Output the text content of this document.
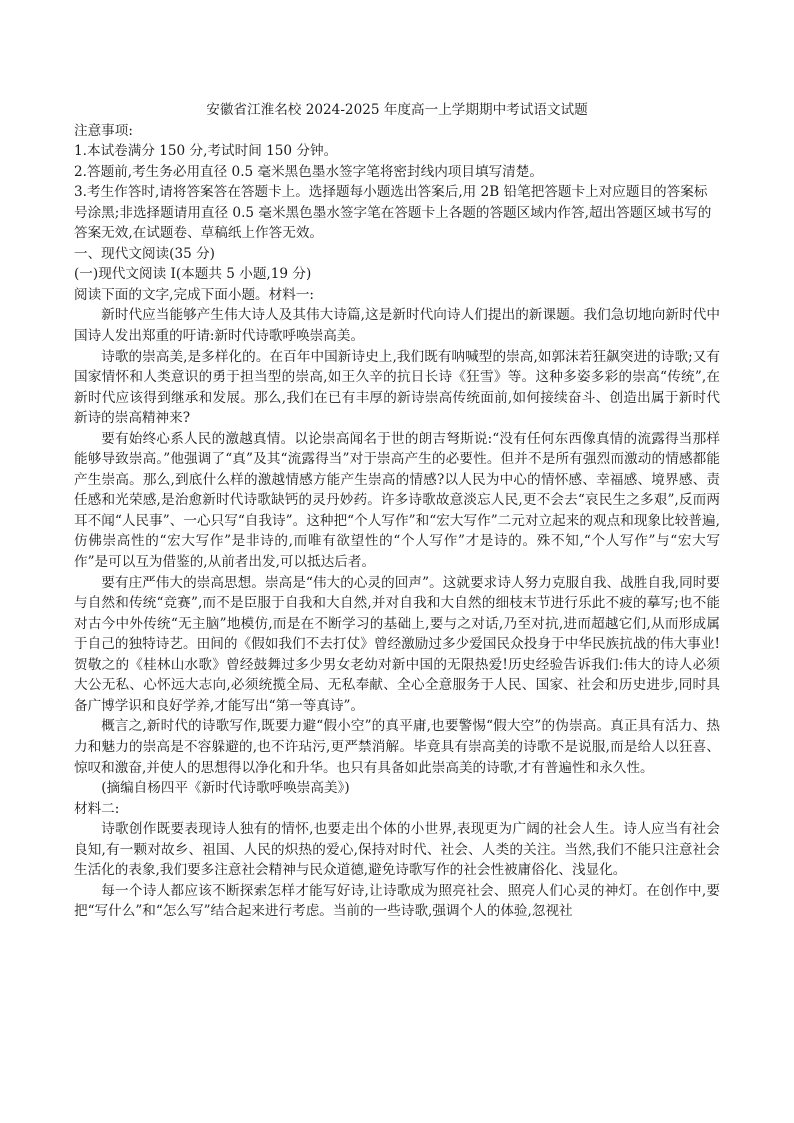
安徽省江淮名校 2024-2025 年度高一上学期期中考试语文试题

注意事项:

1.本试卷满分 150 分,考试时间 150 分钟。

2.答题前,考生务必用直径 0.5 毫米黑色墨水签字笔将密封线内项目填写清楚。

3.考生作答时,请将答案答在答题卡上。选择题每小题选出答案后,用 2B 铅笔把答题卡上对应题目的答案标号涂黑;非选择题请用直径 0.5 毫米黑色墨水签字笔在答题卡上各题的答题区域内作答,超出答题区域书写的答案无效,在试题卷、草稿纸上作答无效。

一、现代文阅读(35 分)

(一)现代文阅读 I(本题共 5 小题,19 分)

阅读下面的文字,完成下面小题。材料一:

新时代应当能够产生伟大诗人及其伟大诗篇,这是新时代向诗人们提出的新课题。我们急切地向新时代中国诗人发出郑重的吁请:新时代诗歌呼唤崇高美。

诗歌的崇高美,是多样化的。在百年中国新诗史上,我们既有呐喊型的崇高,如郭沫若狂飙突进的诗歌;又有国家情怀和人类意识的勇于担当型的崇高,如王久辛的抗日长诗《狂雪》等。这种多姿多彩的崇高“传统”,在新时代应该得到继承和发展。那么,我们在已有丰厚的新诗崇高传统面前,如何接续奋斗、创造出属于新时代新诗的崇高精神来?

要有始终心系人民的激越真情。以论崇高闻名于世的朗吉弩斯说:“没有任何东西像真情的流露得当那样能够导致崇高。”他强调了“真”及其“流露得当”对于崇高产生的必要性。但并不是所有强烈而激动的情感都能产生崇高。那么,到底什么样的激越情感方能产生崇高的情感?以人民为中心的情怀感、幸福感、境界感、责任感和光荣感,是治愈新时代诗歌缺钙的灵丹妙药。许多诗歌故意淡忘人民,更不会去“哀民生之多艰”,反而两耳不闻“人民事”、一心只写“自我诗”。这种把“个人写作”和“宏大写作”二元对立起来的观点和现象比较普遍,仿佛崇高性的“宏大写作”是非诗的,而唯有欲望性的“个人写作”才是诗的。殊不知,“个人写作”与“宏大写作”是可以互为借鉴的,从前者出发,可以抵达后者。

要有庄严伟大的崇高思想。崇高是“伟大的心灵的回声”。这就要求诗人努力克服自我、战胜自我,同时要与自然和传统“竞赛”,而不是臣服于自我和大自然,并对自我和大自然的细枝末节进行乐此不疲的摹写;也不能对古今中外传统“无主脑”地模仿,而是在不断学习的基础上,要与之对话,乃至对抗,进而超越它们,从而形成属于自己的独特诗艺。田间的《假如我们不去打仗》曾经激励过多少爱国民众投身于中华民族抗战的伟大事业!贺敬之的《桂林山水歌》曾经鼓舞过多少男女老幼对新中国的无限热爱!历史经验告诉我们:伟大的诗人必须大公无私、心怀远大志向,必须统揽全局、无私奉献、全心全意服务于人民、国家、社会和历史进步,同时具备广博学识和良好学养,才能写出“第一等真诗”。

概言之,新时代的诗歌写作,既要力避“假小空”的真平庸,也要警惕“假大空”的伪崇高。真正具有活力、热力和魅力的崇高是不容躲避的,也不许玷污,更严禁消解。毕竟具有崇高美的诗歌不是说服,而是给人以狂喜、惊叹和激奋,并使人的思想得以净化和升华。也只有具备如此崇高美的诗歌,才有普遍性和永久性。

(摘编自杨四平《新时代诗歌呼唤崇高美》)

材料二:

诗歌创作既要表现诗人独有的情怀,也要走出个体的小世界,表现更为广阔的社会人生。诗人应当有社会良知,有一颗对故乡、祖国、人民的炽热的爱心,保持对时代、社会、人类的关注。当然,我们不能只注意社会生活化的表象,我们要多注意社会精神与民众道德,避免诗歌写作的社会性被庸俗化、浅显化。

每一个诗人都应该不断探索怎样才能写好诗,让诗歌成为照亮社会、照亮人们心灵的神灯。在创作中,要把“写什么”和“怎么写”结合起来进行考虑。当前的一些诗歌,强调个人的体验,忽视社
